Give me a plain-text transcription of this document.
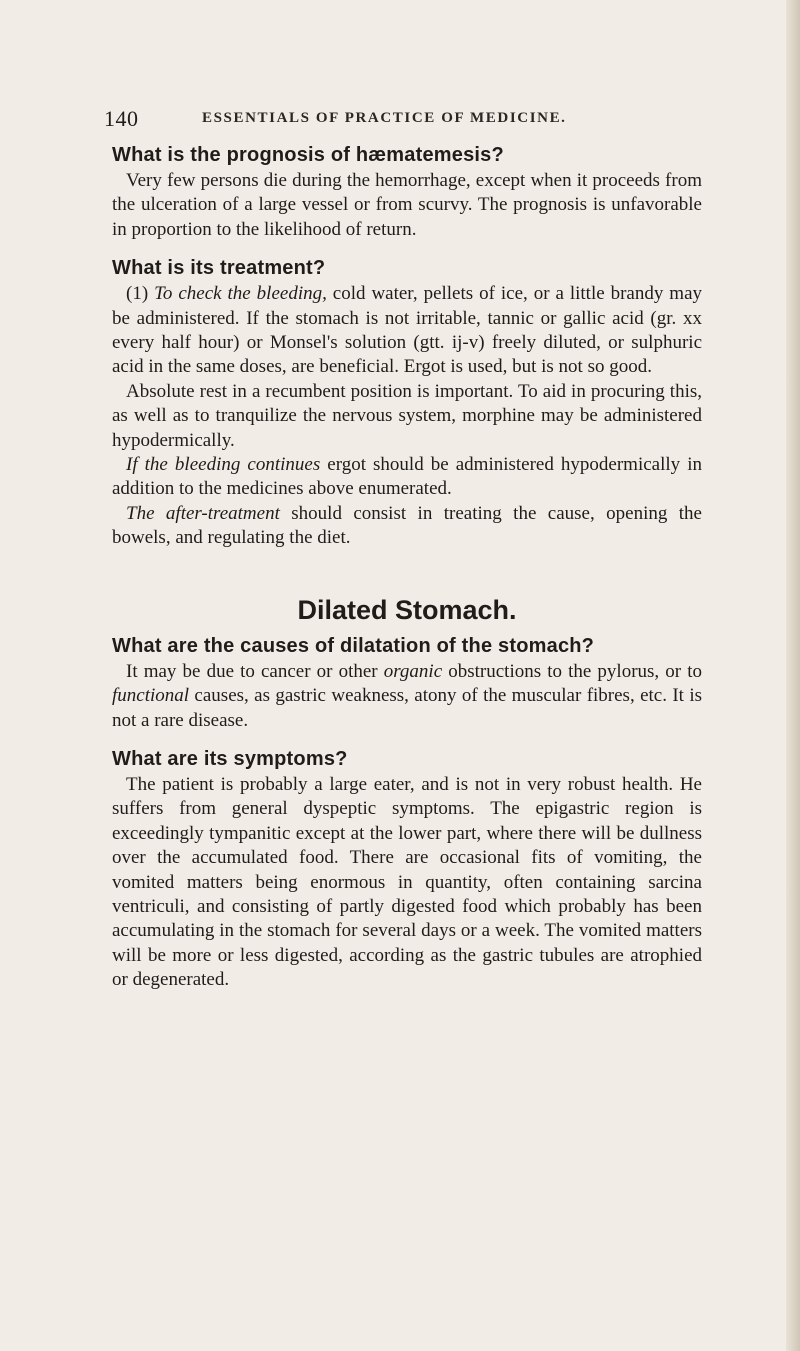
140	ESSENTIALS OF PRACTICE OF MEDICINE.
What is the prognosis of hæmatemesis?

Very few persons die during the hemorrhage, except when it proceeds from the ulceration of a large vessel or from scurvy. The prognosis is unfavorable in proportion to the likelihood of return.

What is its treatment?

(1) To check the bleeding, cold water, pellets of ice, or a little brandy may be administered. If the stomach is not irritable, tannic or gallic acid (gr. xx every half hour) or Monsel's solution (gtt. ij-v) freely diluted, or sulphuric acid in the same doses, are beneficial. Ergot is used, but is not so good.

Absolute rest in a recumbent position is important. To aid in procuring this, as well as to tranquilize the nervous system, morphine may be administered hypodermically.

If the bleeding continues ergot should be administered hypodermically in addition to the medicines above enumerated.

The after-treatment should consist in treating the cause, opening the bowels, and regulating the diet.

Dilated Stomach.
What are the causes of dilatation of the stomach?

It may be due to cancer or other organic obstructions to the pylorus, or to functional causes, as gastric weakness, atony of the muscular fibres, etc. It is not a rare disease.

What are its symptoms?

The patient is probably a large eater, and is not in very robust health. He suffers from general dyspeptic symptoms. The epigastric region is exceedingly tympanitic except at the lower part, where there will be dullness over the accumulated food. There are occasional fits of vomiting, the vomited matters being enormous in quantity, often containing sarcina ventriculi, and consisting of partly digested food which probably has been accumulating in the stomach for several days or a week. The vomited matters will be more or less digested, according as the gastric tubules are atrophied or degenerated.
